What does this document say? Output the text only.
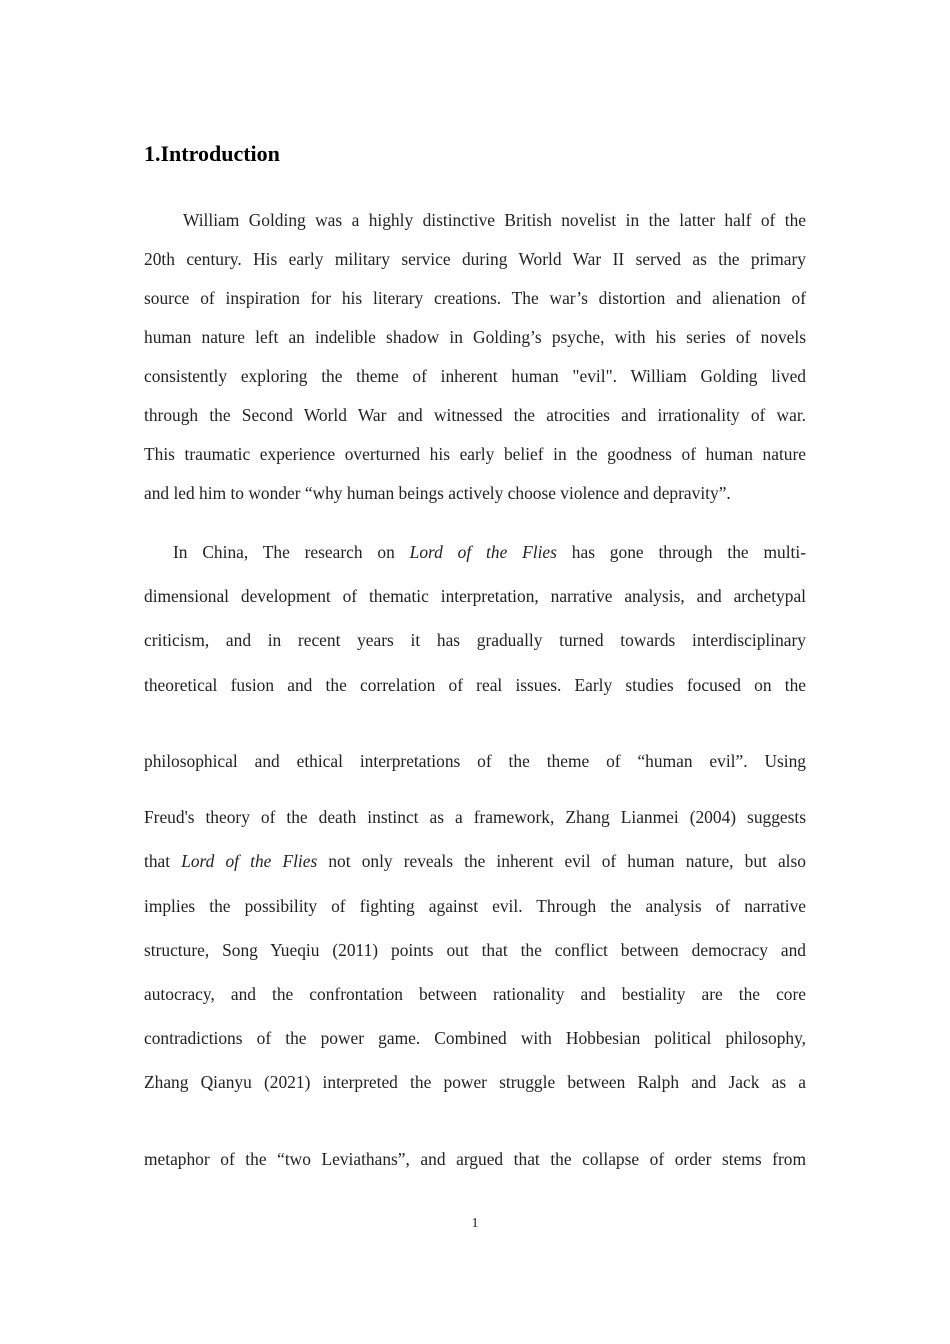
1.Introduction
William Golding was a highly distinctive British novelist in the latter half of the
20th century. His early military service during World War II served as the primary
source of inspiration for his literary creations. The war’s distortion and alienation of
human nature left an indelible shadow in Golding’s psyche, with his series of novels
consistently exploring the theme of inherent human "evil". William Golding lived
through the Second World War and witnessed the atrocities and irrationality of war.
This traumatic experience overturned his early belief in the goodness of human nature
and led him to wonder “why human beings actively choose violence and depravity”.
In China, The research on Lord of the Flies has gone through the multi-
dimensional development of thematic interpretation, narrative analysis, and archetypal
criticism, and in recent years it has gradually turned towards interdisciplinary
theoretical fusion and the correlation of real issues. Early studies focused on the
philosophical and ethical interpretations of the theme of “human evil”. Using
Freud's theory of the death instinct as a framework, Zhang Lianmei (2004) suggests
that Lord of the Flies not only reveals the inherent evil of human nature, but also
implies the possibility of fighting against evil. Through the analysis of narrative
structure, Song Yueqiu (2011) points out that the conflict between democracy and
autocracy, and the confrontation between rationality and bestiality are the core
contradictions of the power game. Combined with Hobbesian political philosophy,
Zhang Qianyu (2021) interpreted the power struggle between Ralph and Jack as a
metaphor of the “two Leviathans”, and argued that the collapse of order stems from
1
